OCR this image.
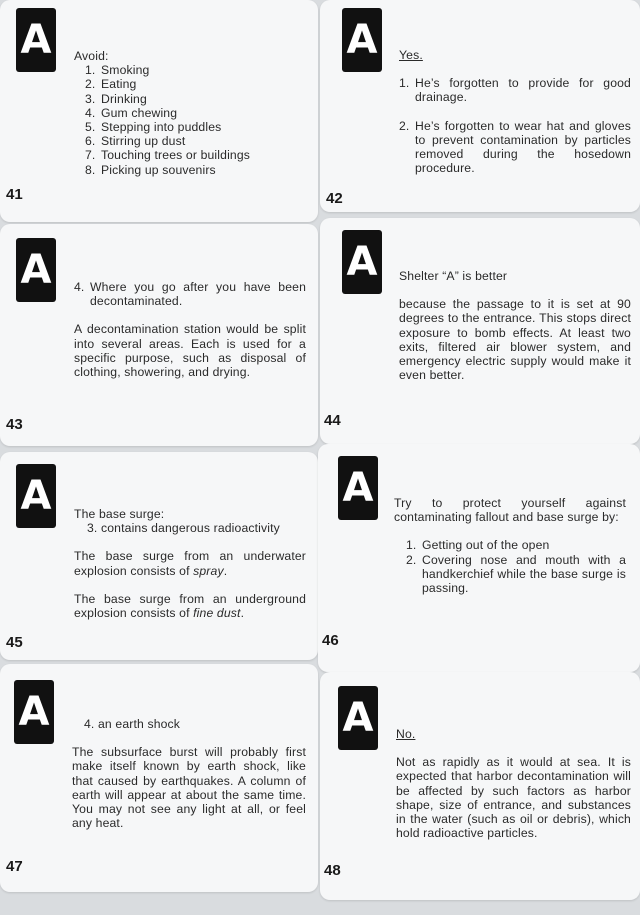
A	Avoid:
1. Smoking
2. Eating
3. Drinking
4. Gum chewing
5. Stepping into puddles
6. Stirring up dust
7. Touching trees or buildings
8. Picking up souvenirs
41
A	Yes.

1. He’s forgotten to provide for good drainage.
2. He’s forgotten to wear hat and gloves to prevent contamination by particles removed during the hosedown procedure.
42
A	4. Where you go after you have been decontaminated.

A decontamination station would be split into several areas. Each is used for a specific purpose, such as disposal of clothing, showering, and drying.

43
A	Shelter “A” is better

because the passage to it is set at 90 degrees to the entrance. This stops direct exposure to bomb effects. At least two exits, filtered air blower system, and emergency electric supply would make it even better.

44
A	The base surge:

3. contains dangerous radioactivity

The base surge from an underwater explosion consists of spray.

The base surge from an underground explosion consists of fine dust.

45
A	Try to protect yourself against contaminating fallout and base surge by:

1. Getting out of the open
2. Covering nose and mouth with a handkerchief while the base surge is passing.
46
A	4. an earth shock

The subsurface burst will probably first make itself known by earth shock, like that caused by earthquakes. A column of earth will appear at about the same time. You may not see any light at all, or feel any heat.

47
A	No.

Not as rapidly as it would at sea. It is expected that harbor decontamination will be affected by such factors as harbor shape, size of entrance, and substances in the water (such as oil or debris), which hold radioactive particles.

48
